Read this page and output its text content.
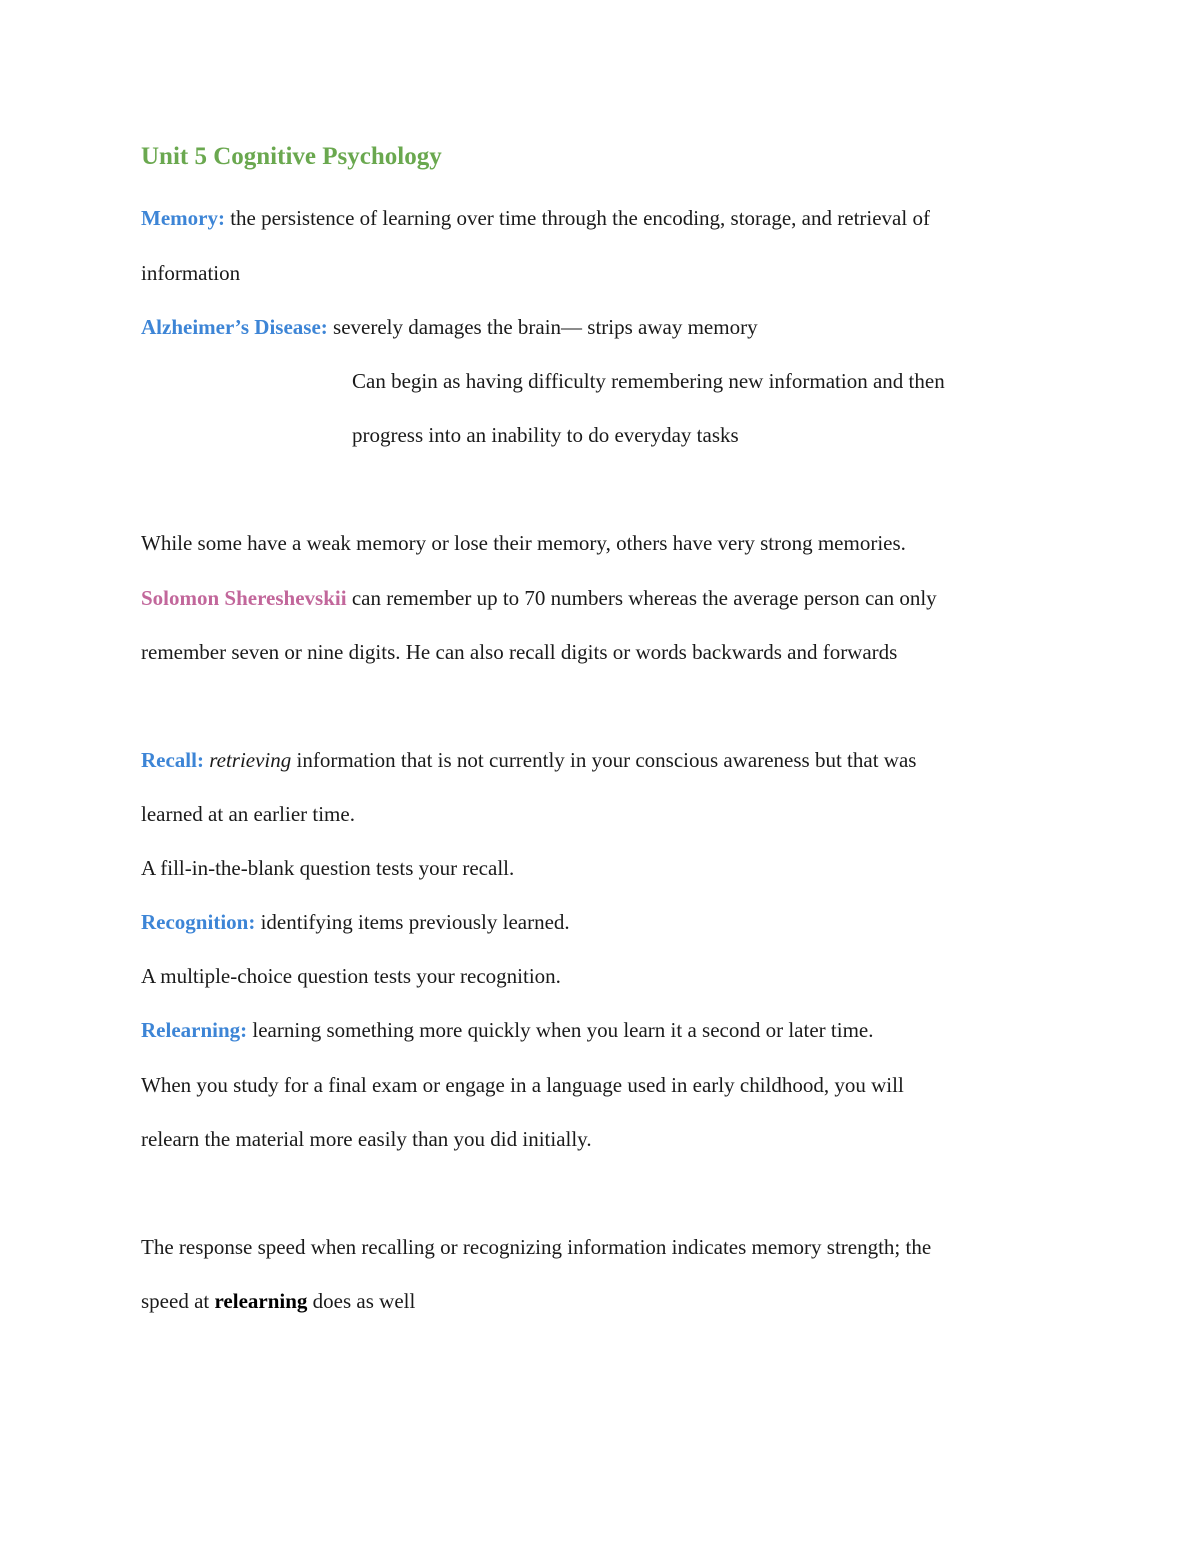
Unit 5 Cognitive Psychology
Memory: the persistence of learning over time through the encoding, storage, and retrieval of
information
Alzheimer’s Disease: severely damages the brain— strips away memory
Can begin as having difficulty remembering new information and then
progress into an inability to do everyday tasks
While some have a weak memory or lose their memory, others have very strong memories.
Solomon Shereshevskii can remember up to 70 numbers whereas the average person can only
remember seven or nine digits. He can also recall digits or words backwards and forwards
Recall: retrieving information that is not currently in your conscious awareness but that was
learned at an earlier time.
A fill-in-the-blank question tests your recall.
Recognition: identifying items previously learned.
A multiple-choice question tests your recognition.
Relearning: learning something more quickly when you learn it a second or later time.
When you study for a final exam or engage in a language used in early childhood, you will
relearn the material more easily than you did initially.
The response speed when recalling or recognizing information indicates memory strength; the
speed at relearning does as well
